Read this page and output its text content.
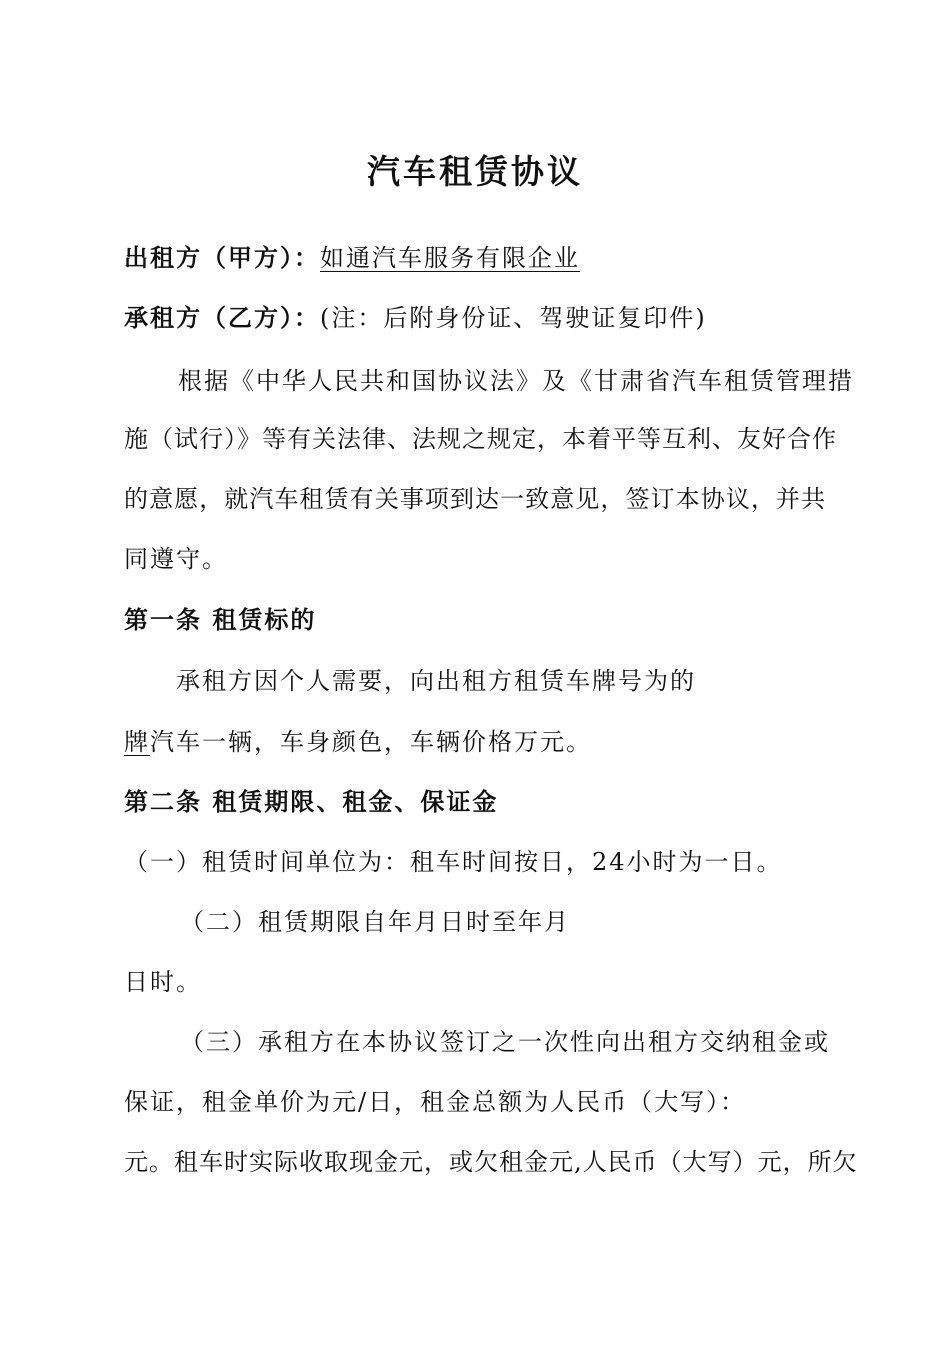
汽车租赁协议
出租方（甲方）：如通汽车服务有限企业
承租方（乙方）：(注：后附身份证、驾驶证复印件)
根据《中华人民共和国协议法》及《甘肃省汽车租赁管理措
施（试行）》等有关法律、法规之规定，本着平等互利、友好合作
的意愿，就汽车租赁有关事项到达一致意见，签订本协议，并共
同遵守。
第一条 租赁标的
承租方因个人需要，向出租方租赁车牌号为的
牌汽车一辆，车身颜色，车辆价格万元。
第二条 租赁期限、租金、保证金
（一）租赁时间单位为：租车时间按日，24小时为一日。
（二）租赁期限自年月日时至年月
日时。
（三）承租方在本协议签订之一次性向出租方交纳租金或
保证，租金单价为元/日，租金总额为人民币（大写）：
元。租车时实际收取现金元，或欠租金元,人民币（大写）元，所欠
